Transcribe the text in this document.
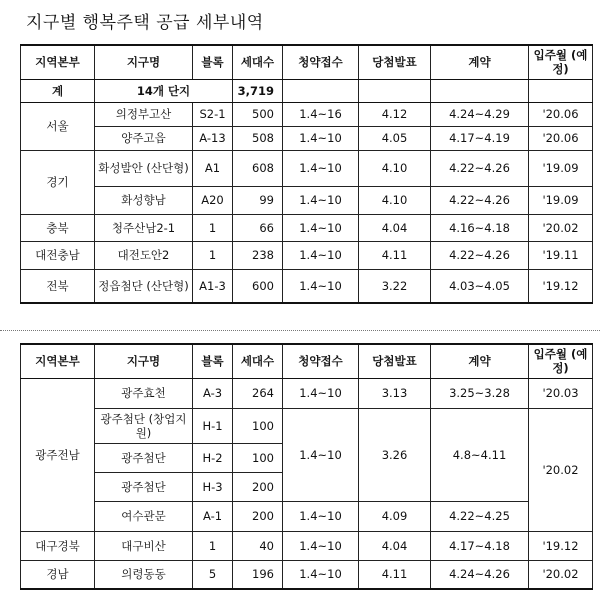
지구별 행복주택 공급 세부내역
지역본부	지구명	블록	세대수	청약접수	당첨발표	계약	입주월 (예정)
계	14개 단지		3,719				
서울	의정부고산	S2-1	500	1.4~16	4.12	4.24~4.29	'20.06
	양주고읍	A-13	508	1.4~10	4.05	4.17~4.19	'20.06
경기	화성발안 (산단형)	A1	608	1.4~10	4.10	4.22~4.26	'19.09
	화성향남	A20	99	1.4~10	4.10	4.22~4.26	'19.09
충북	청주산남2-1	1	66	1.4~10	4.04	4.16~4.18	'20.02
대전충남	대전도안2	1	238	1.4~10	4.11	4.22~4.26	'19.11
전북	정읍첨단 (산단형)	A1-3	600	1.4~10	3.22	4.03~4.05	'19.12
지역본부	지구명	블록	세대수	청약접수	당첨발표	계약	입주월 (예정)
광주전남	광주효천	A-3	264	1.4~10	3.13	3.25~3.28	'20.03
	광주첨단 (창업지원)	H-1	100	1.4~10	3.26	4.8~4.11	'20.02
	광주첨단	H-2	100				
	광주첨단	H-3	200				
	여수관문	A-1	200	1.4~10	4.09	4.22~4.25	
대구경북	대구비산	1	40	1.4~10	4.04	4.17~4.18	'19.12
경남	의령동동	5	196	1.4~10	4.11	4.24~4.26	'20.02
